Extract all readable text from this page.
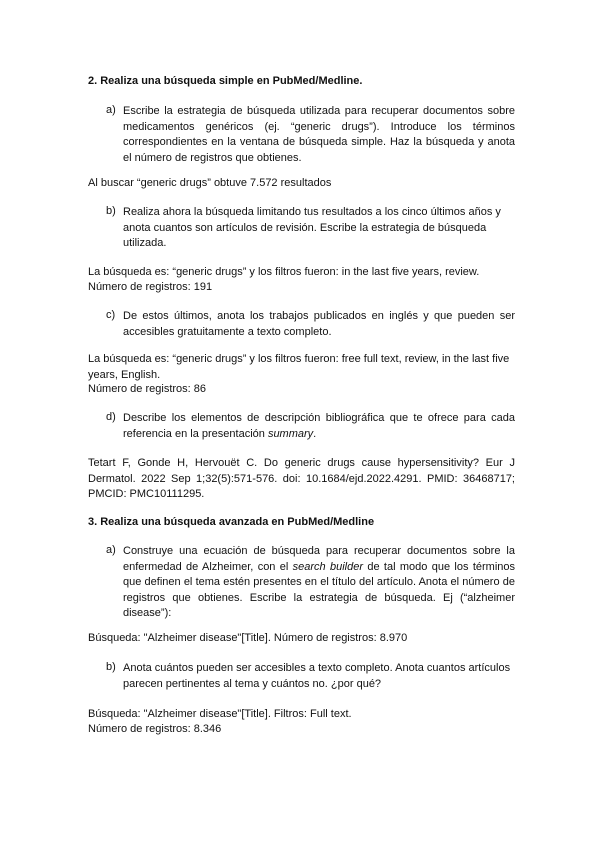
2. Realiza una búsqueda simple en PubMed/Medline.
a) Escribe la estrategia de búsqueda utilizada para recuperar documentos sobre medicamentos genéricos (ej. “generic drugs”). Introduce los términos correspondientes en la ventana de búsqueda simple. Haz la búsqueda y anota el número de registros que obtienes.
Al buscar “generic drugs” obtuve 7.572 resultados
b) Realiza ahora la búsqueda limitando tus resultados a los cinco últimos años y anota cuantos son artículos de revisión. Escribe la estrategia de búsqueda utilizada.
La búsqueda es: “generic drugs” y los filtros fueron: in the last five years, review.
Número de registros: 191
c) De estos últimos, anota los trabajos publicados en inglés y que pueden ser accesibles gratuitamente a texto completo.
La búsqueda es: “generic drugs” y los filtros fueron: free full text, review, in the last five years, English.
Número de registros: 86
d) Describe los elementos de descripción bibliográfica que te ofrece para cada referencia en la presentación summary.
Tetart F, Gonde H, Hervouët C. Do generic drugs cause hypersensitivity? Eur J Dermatol. 2022 Sep 1;32(5):571-576. doi: 10.1684/ejd.2022.4291. PMID: 36468717; PMCID: PMC10111295.
3. Realiza una búsqueda avanzada en PubMed/Medline
a) Construye una ecuación de búsqueda para recuperar documentos sobre la enfermedad de Alzheimer, con el search builder de tal modo que los términos que definen el tema estén presentes en el título del artículo. Anota el número de registros que obtienes. Escribe la estrategia de búsqueda. Ej (“alzheimer disease”):
Búsqueda: "Alzheimer disease"[Title]. Número de registros: 8.970
b) Anota cuántos pueden ser accesibles a texto completo. Anota cuantos artículos parecen pertinentes al tema y cuántos no. ¿por qué?
Búsqueda: "Alzheimer disease"[Title]. Filtros: Full text.
Número de registros: 8.346
